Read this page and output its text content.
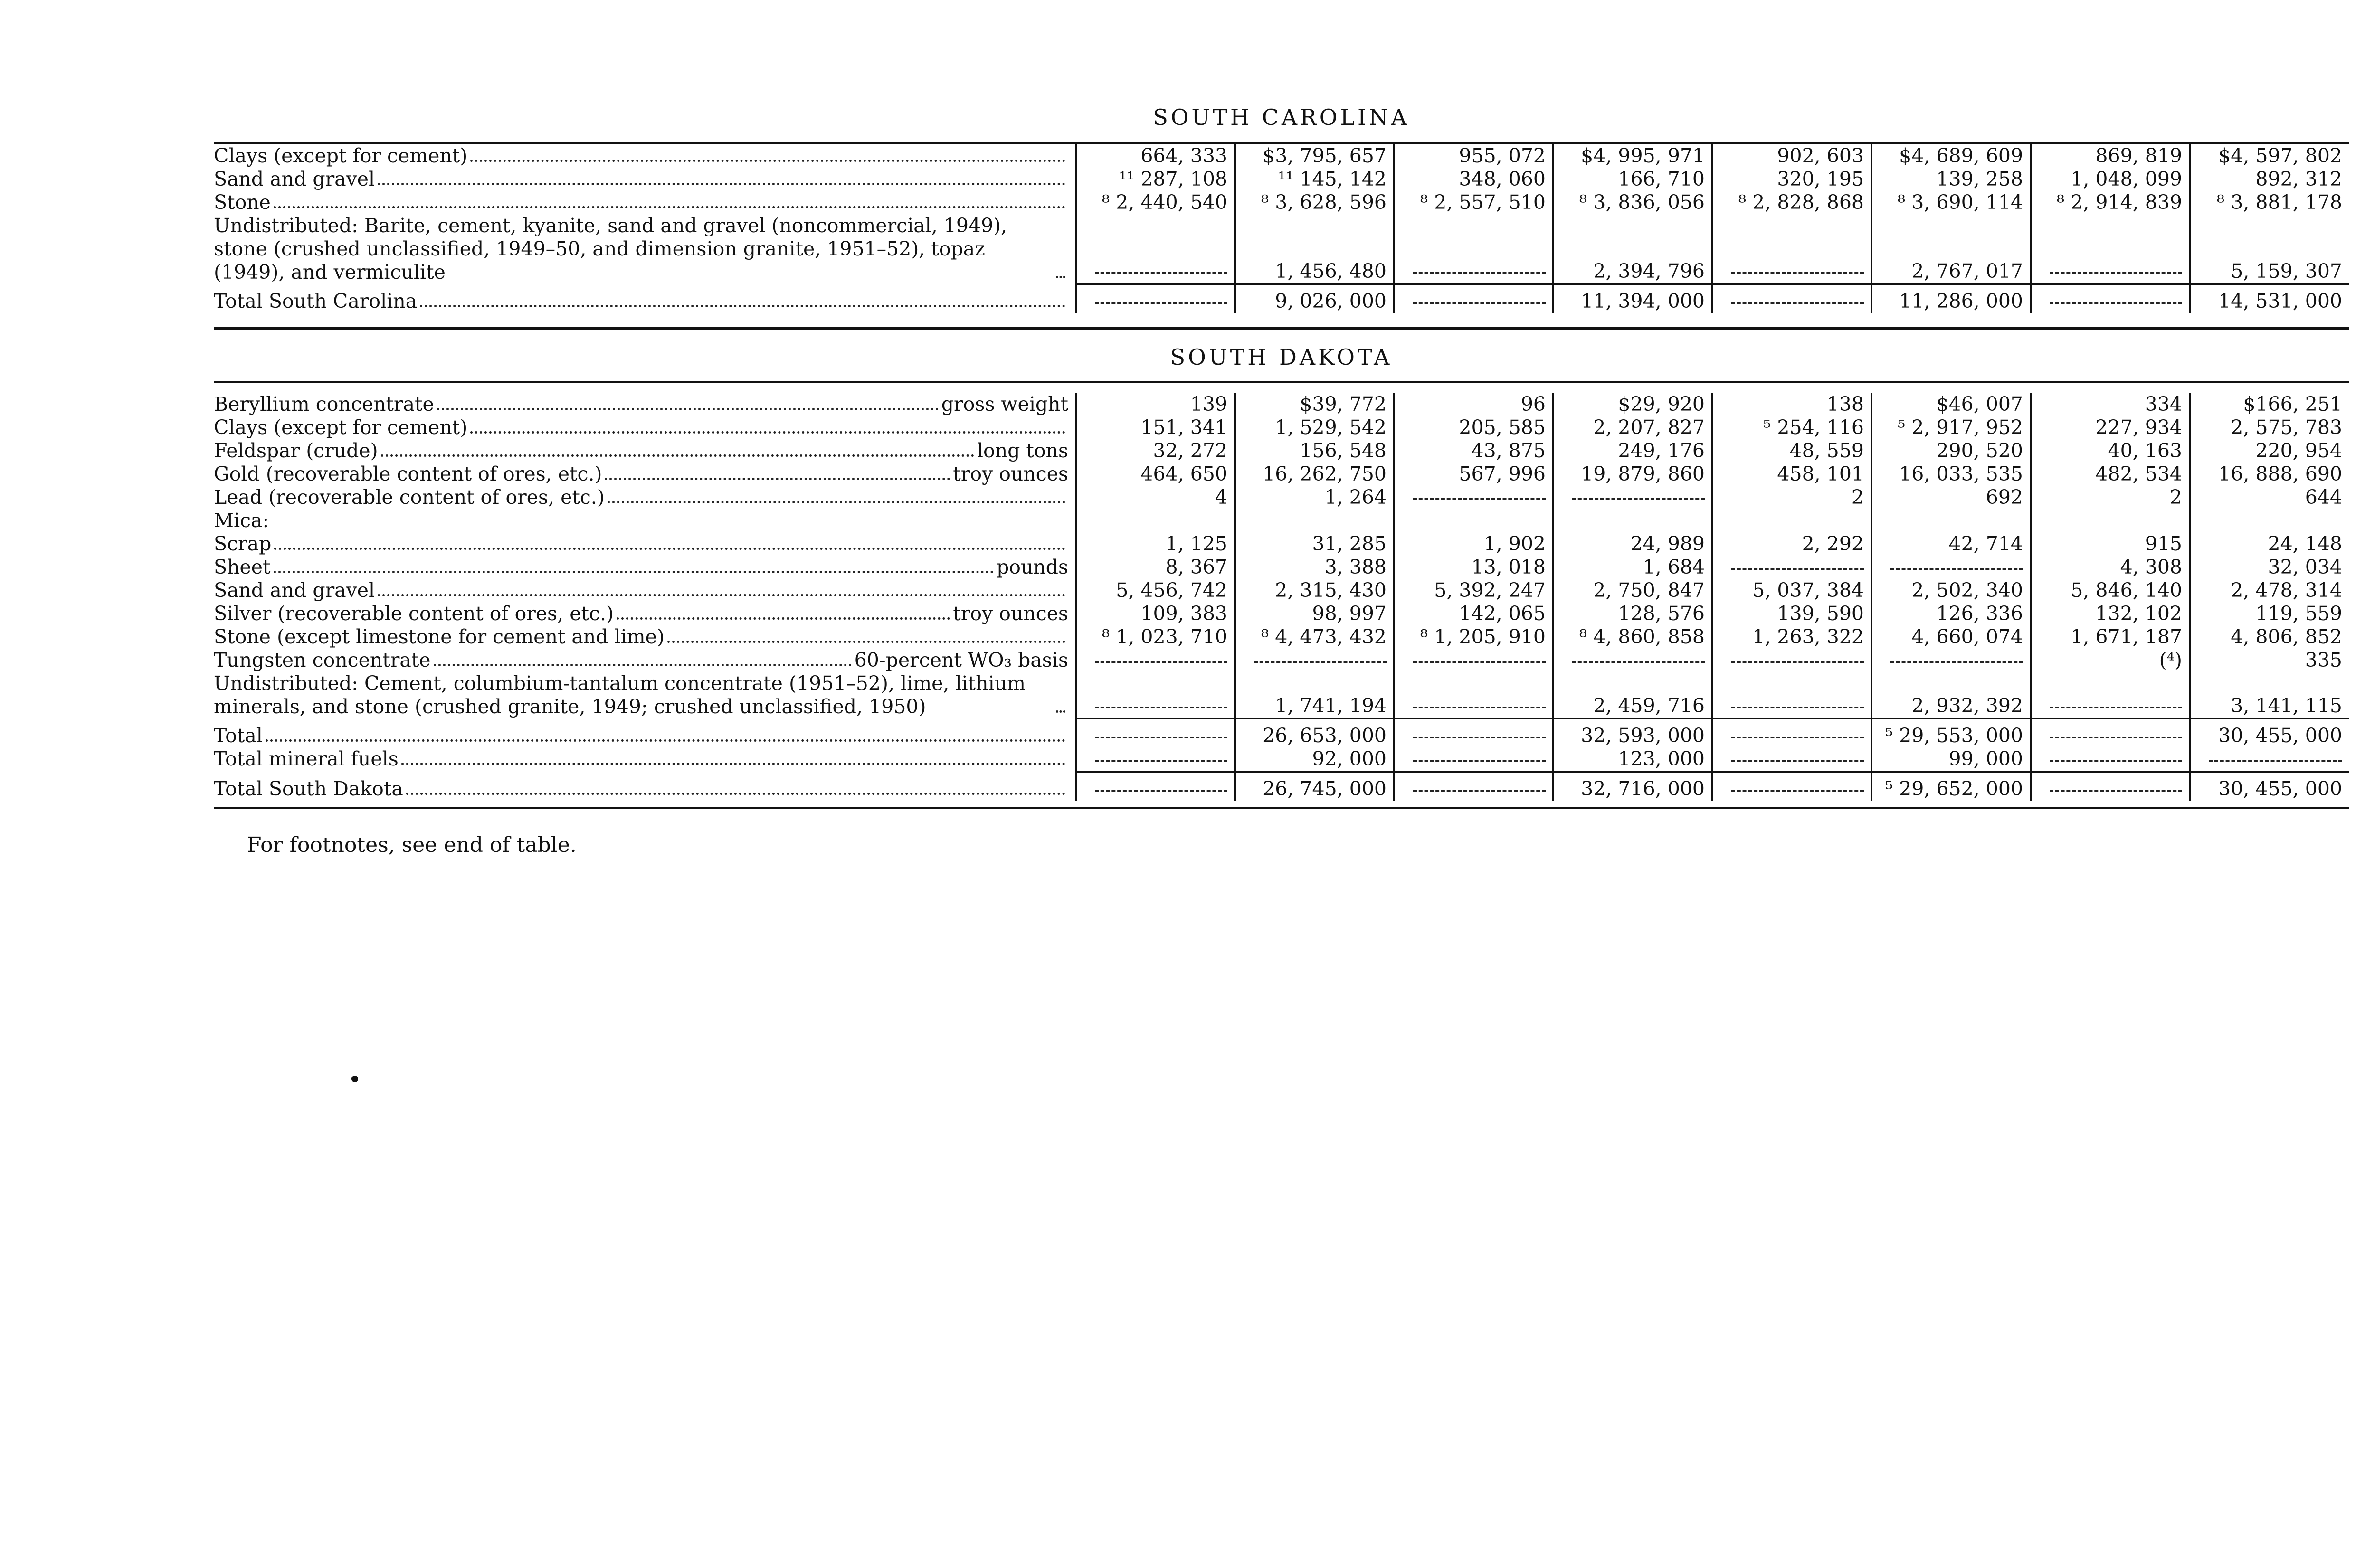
SOUTH CAROLINA
Clays (except for cement)	664, 333	$3, 795, 657	955, 072	$4, 995, 971	902, 603	$4, 689, 609	869, 819	$4, 597, 802

Sand and gravel	¹¹ 287, 108	¹¹ 145, 142	348, 060	166, 710	320, 195	139, 258	1, 048, 099	892, 312

Stone	⁸ 2, 440, 540	⁸ 3, 628, 596	⁸ 2, 557, 510	⁸ 3, 836, 056	⁸ 2, 828, 868	⁸ 3, 690, 114	⁸ 2, 914, 839	⁸ 3, 881, 178

Undistributed: Barite, cement, kyanite, sand and gravel (noncommercial, 1949), stone (crushed unclassified, 1949–50, and dimension granite, 1951–52), topaz (1949), and vermiculite		1, 456, 480		2, 394, 796		2, 767, 017		5, 159, 307

Total South Carolina		9, 026, 000		11, 394, 000		11, 286, 000		14, 531, 000
SOUTH DAKOTA
Beryllium concentrate gross weight	139	$39, 772	96	$29, 920	138	$46, 007	334	$166, 251

Clays (except for cement)	151, 341	1, 529, 542	205, 585	2, 207, 827	⁵ 254, 116	⁵ 2, 917, 952	227, 934	2, 575, 783

Feldspar (crude) long tons	32, 272	156, 548	43, 875	249, 176	48, 559	290, 520	40, 163	220, 954

Gold (recoverable content of ores, etc.) troy ounces	464, 650	16, 262, 750	567, 996	19, 879, 860	458, 101	16, 033, 535	482, 534	16, 888, 690

Lead (recoverable content of ores, etc.)	4	1, 264			2	692	2	644

Mica:								

Scrap	1, 125	31, 285	1, 902	24, 989	2, 292	42, 714	915	24, 148

Sheet pounds	8, 367	3, 388	13, 018	1, 684			4, 308	32, 034

Sand and gravel	5, 456, 742	2, 315, 430	5, 392, 247	2, 750, 847	5, 037, 384	2, 502, 340	5, 846, 140	2, 478, 314

Silver (recoverable content of ores, etc.) troy ounces	109, 383	98, 997	142, 065	128, 576	139, 590	126, 336	132, 102	119, 559

Stone (except limestone for cement and lime)	⁸ 1, 023, 710	⁸ 4, 473, 432	⁸ 1, 205, 910	⁸ 4, 860, 858	1, 263, 322	4, 660, 074	1, 671, 187	4, 806, 852

Tungsten concentrate 60-percent WO₃ basis							(⁴)	335

Undistributed: Cement, columbium-tantalum concentrate (1951–52), lime, lithium minerals, and stone (crushed granite, 1949; crushed unclassified, 1950)		1, 741, 194		2, 459, 716		2, 932, 392		3, 141, 115

Total		26, 653, 000		32, 593, 000		⁵ 29, 553, 000		30, 455, 000

Total mineral fuels		92, 000		123, 000		99, 000		

Total South Dakota		26, 745, 000		32, 716, 000		⁵ 29, 652, 000		30, 455, 000
For footnotes, see end of table.
